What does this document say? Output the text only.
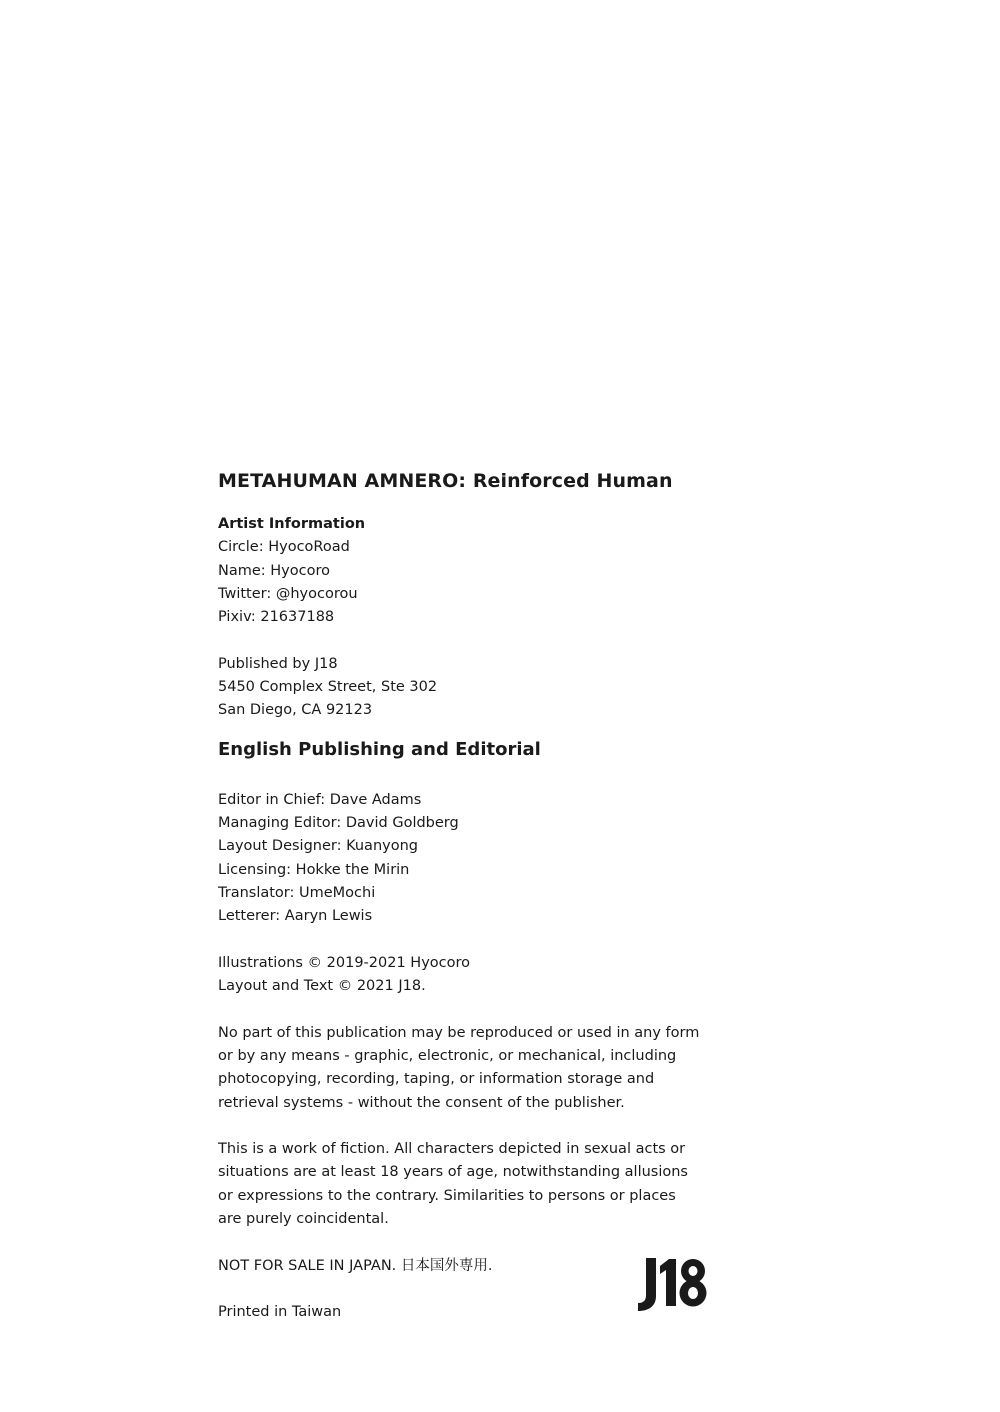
METAHUMAN AMNERO: Reinforced Human
Artist Information
Circle: HyocoRoad
Name: Hyocoro
Twitter: @hyocorou
Pixiv: 21637188
Published by J18
5450 Complex Street, Ste 302
San Diego, CA 92123
English Publishing and Editorial
Editor in Chief: Dave Adams
Managing Editor: David Goldberg
Layout Designer: Kuanyong
Licensing: Hokke the Mirin
Translator: UmeMochi
Letterer: Aaryn Lewis
Illustrations © 2019-2021 Hyocoro
Layout and Text © 2021 J18.
No part of this publication may be reproduced or used in any form
or by any means - graphic, electronic, or mechanical, including
photocopying, recording, taping, or information storage and
retrieval systems - without the consent of the publisher.
This is a work of fiction. All characters depicted in sexual acts or
situations are at least 18 years of age, notwithstanding allusions
or expressions to the contrary. Similarities to persons or places
are purely coincidental.
NOT FOR SALE IN JAPAN. 日本国外専用.
Printed in Taiwan
